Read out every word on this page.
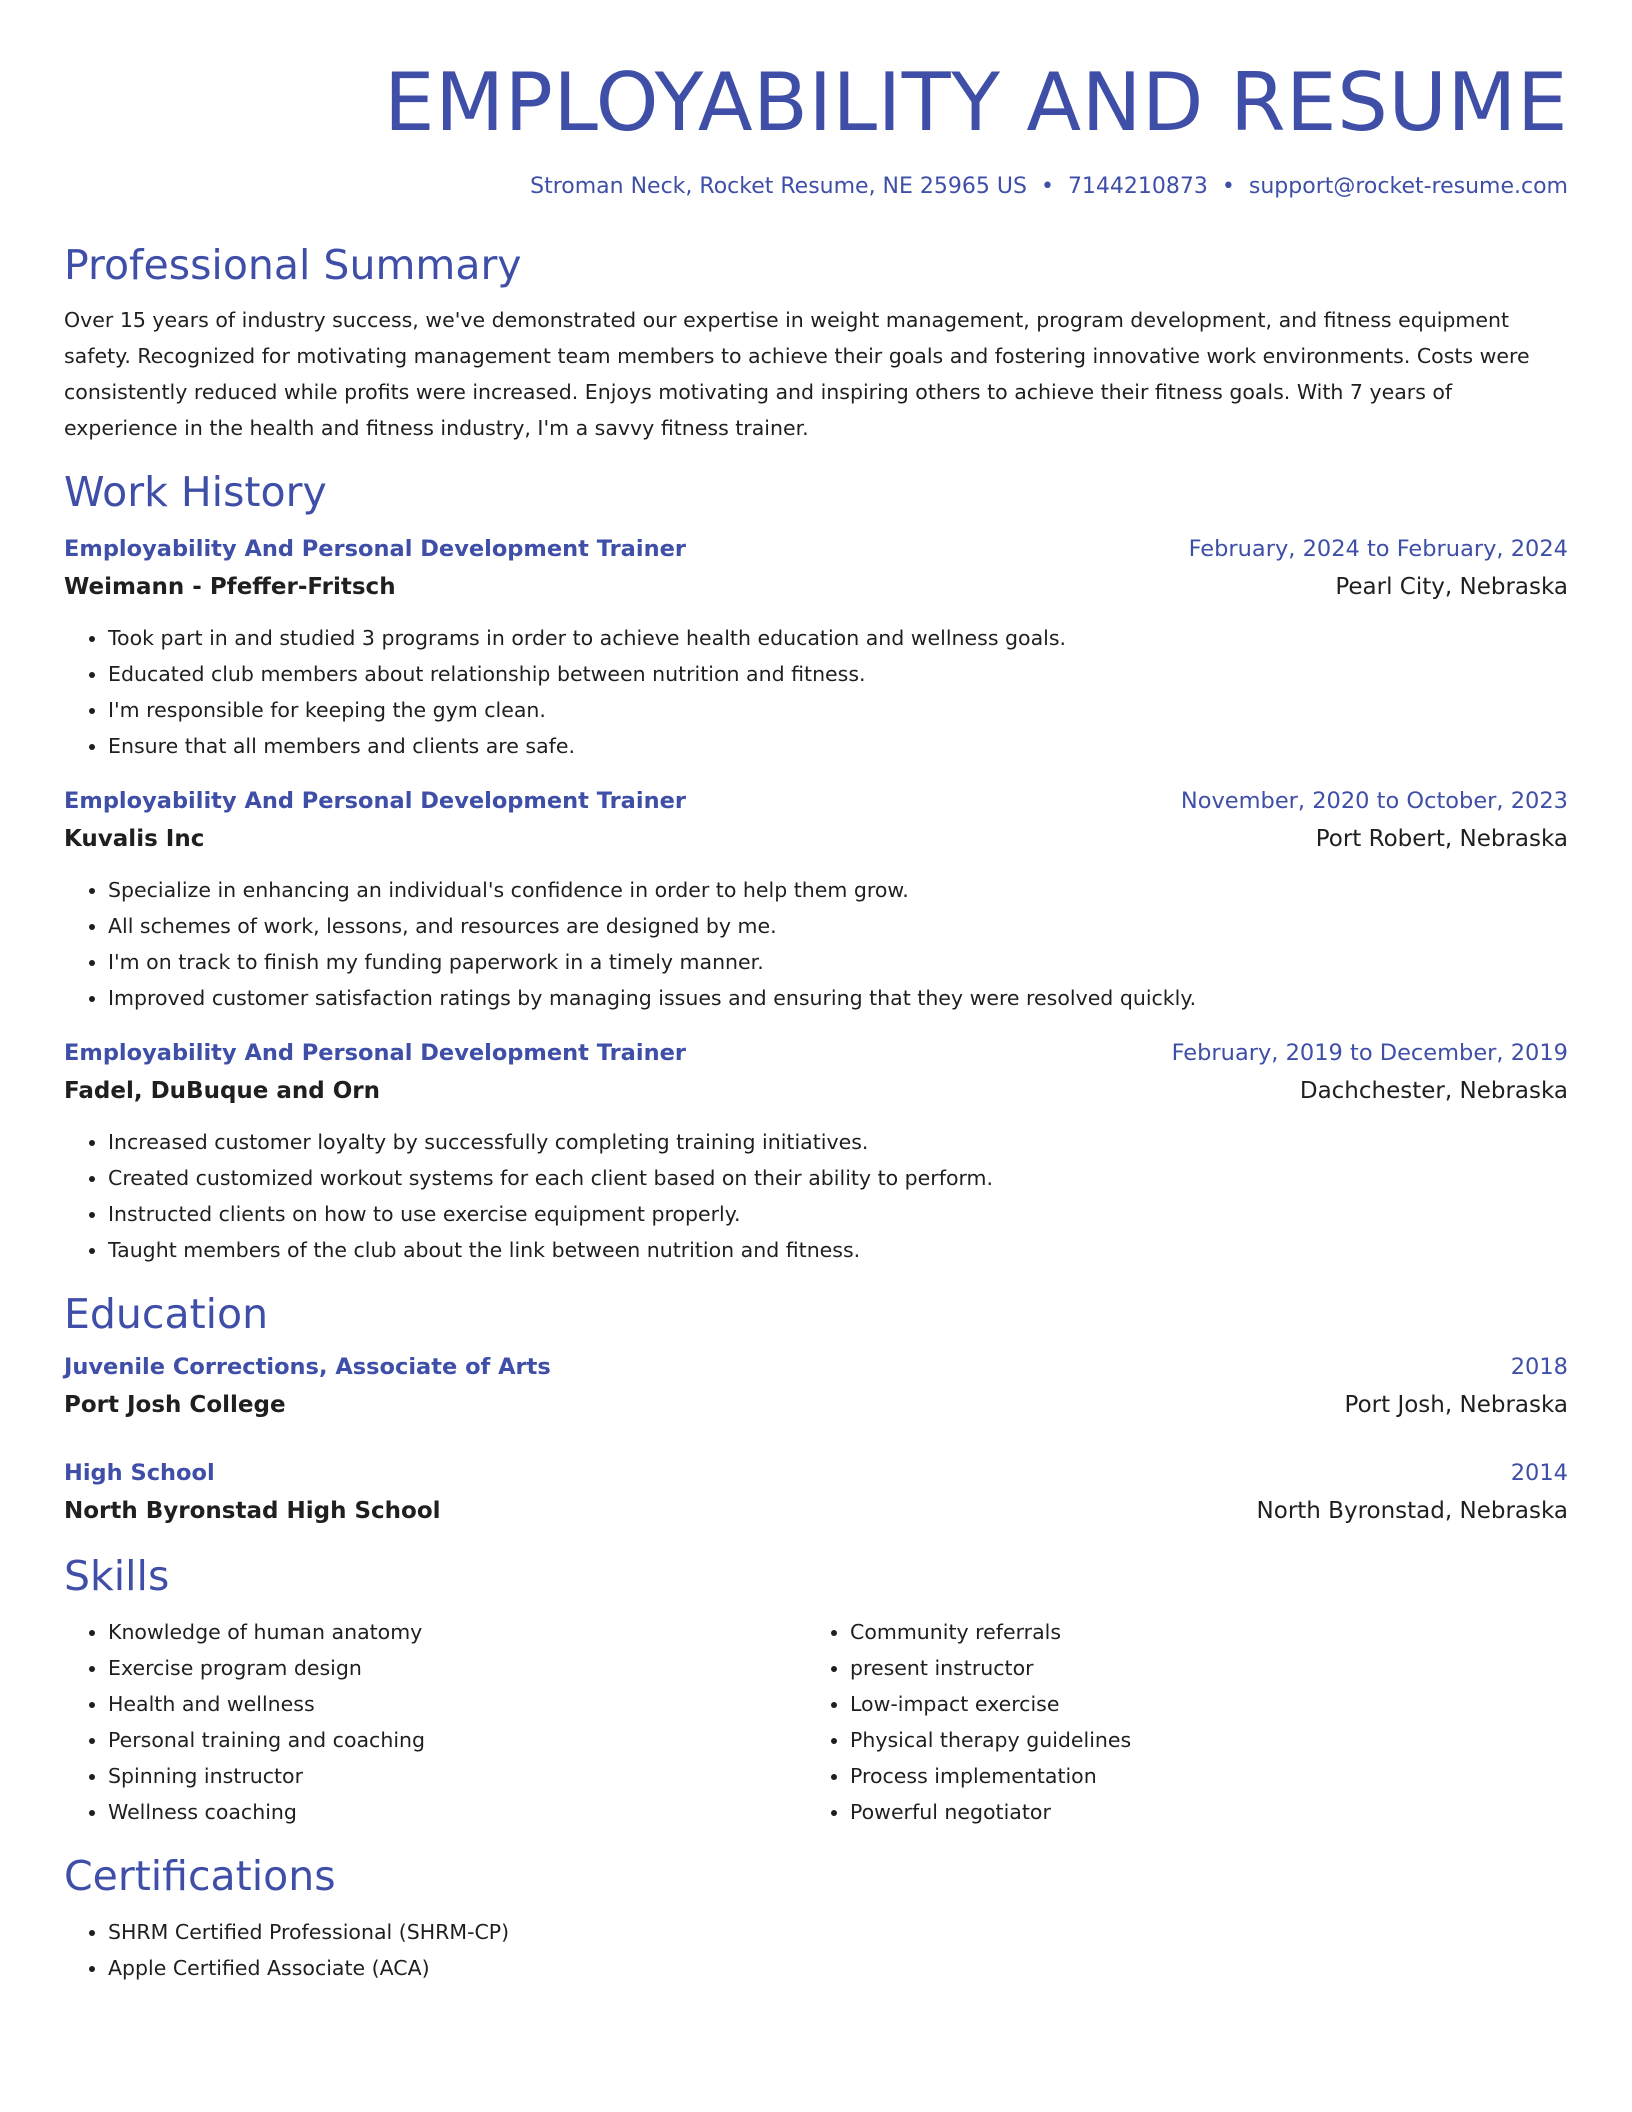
EMPLOYABILITY AND RESUME
Stroman Neck, Rocket Resume, NE 25965 US • 7144210873 • support@rocket-resume.com
Professional Summary
Over 15 years of industry success, we've demonstrated our expertise in weight management, program development, and fitness equipment safety. Recognized for motivating management team members to achieve their goals and fostering innovative work environments. Costs were consistently reduced while profits were increased. Enjoys motivating and inspiring others to achieve their fitness goals. With 7 years of experience in the health and fitness industry, I'm a savvy fitness trainer.
Work History
Employability And Personal Development Trainer	February, 2024 to February, 2024
Weimann - Pfeffer-Fritsch	Pearl City, Nebraska
• Took part in and studied 3 programs in order to achieve health education and wellness goals.
• Educated club members about relationship between nutrition and fitness.
• I'm responsible for keeping the gym clean.
• Ensure that all members and clients are safe.
Employability And Personal Development Trainer	November, 2020 to October, 2023
Kuvalis Inc	Port Robert, Nebraska
• Specialize in enhancing an individual's confidence in order to help them grow.
• All schemes of work, lessons, and resources are designed by me.
• I'm on track to finish my funding paperwork in a timely manner.
• Improved customer satisfaction ratings by managing issues and ensuring that they were resolved quickly.
Employability And Personal Development Trainer	February, 2019 to December, 2019
Fadel, DuBuque and Orn	Dachchester, Nebraska
• Increased customer loyalty by successfully completing training initiatives.
• Created customized workout systems for each client based on their ability to perform.
• Instructed clients on how to use exercise equipment properly.
• Taught members of the club about the link between nutrition and fitness.
Education
Juvenile Corrections, Associate of Arts	2018
Port Josh College	Port Josh, Nebraska
High School	2014
North Byronstad High School	North Byronstad, Nebraska
Skills
• Knowledge of human anatomy
• Exercise program design
• Health and wellness
• Personal training and coaching
• Spinning instructor
• Wellness coaching
• Community referrals
• present instructor
• Low-impact exercise
• Physical therapy guidelines
• Process implementation
• Powerful negotiator
Certifications
• SHRM Certified Professional (SHRM-CP)
• Apple Certified Associate (ACA)
